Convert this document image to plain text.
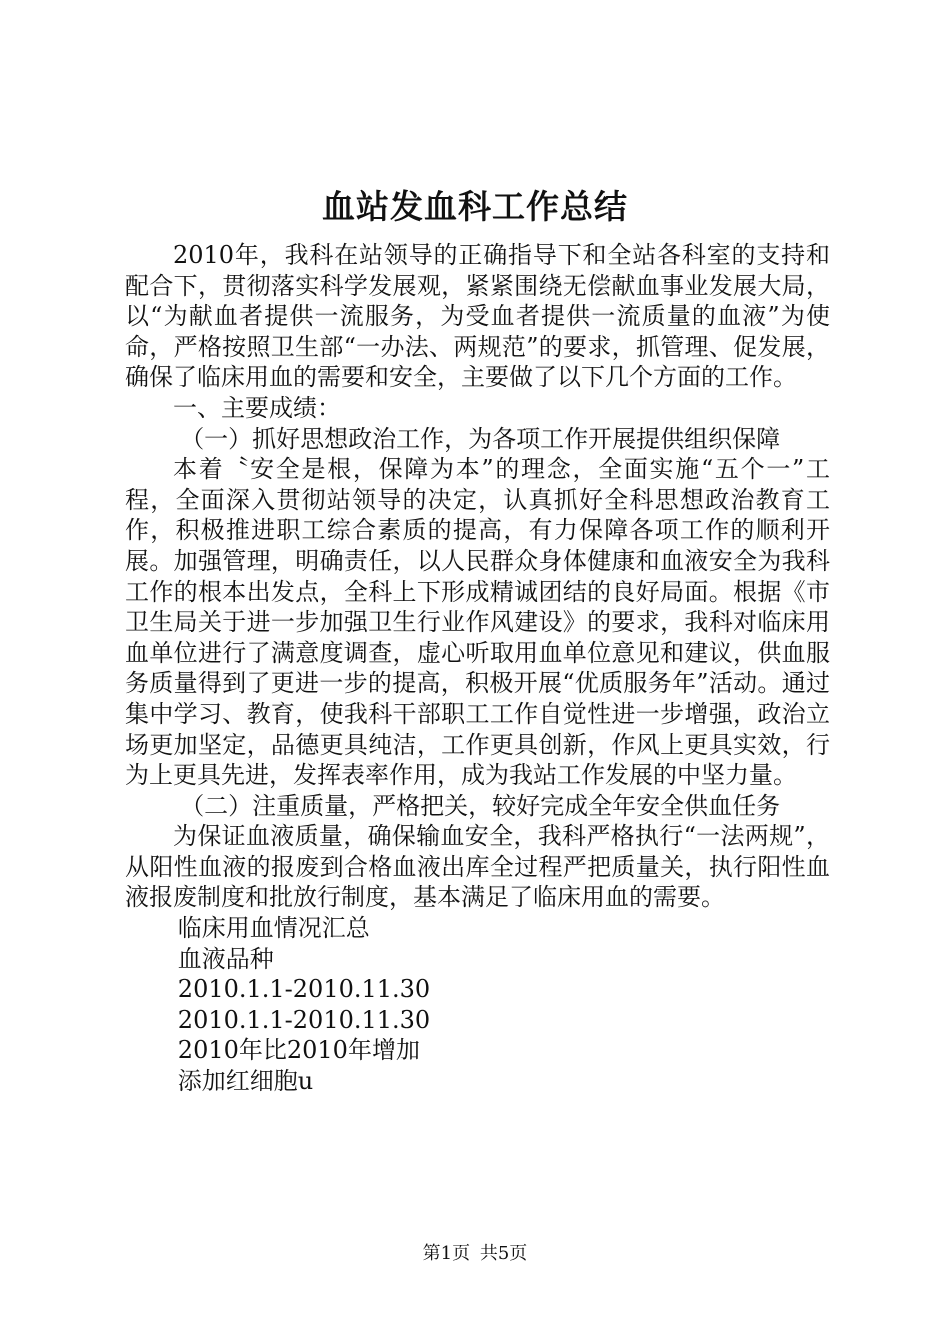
血站发血科工作总结

2010年，我科在站领导的正确指导下和全站各科室的支持和配合下，贯彻落实科学发展观，紧紧围绕无偿献血事业发展大局，以“为献血者提供一流服务，为受血者提供一流质量的血液”为使命，严格按照卫生部“一办法、两规范”的要求，抓管理、促发展，确保了临床用血的需要和安全，主要做了以下几个方面的工作。

一、主要成绩：

（一）抓好思想政治工作，为各项工作开展提供组织保障

本着〝安全是根，保障为本”的理念，全面实施“五个一”工程，全面深入贯彻站领导的决定，认真抓好全科思想政治教育工作，积极推进职工综合素质的提高，有力保障各项工作的顺利开展。加强管理，明确责任，以人民群众身体健康和血液安全为我科工作的根本出发点，全科上下形成精诚团结的良好局面。根据《市卫生局关于进一步加强卫生行业作风建设》的要求，我科对临床用血单位进行了满意度调查，虚心听取用血单位意见和建议，供血服务质量得到了更进一步的提高，积极开展“优质服务年”活动。通过集中学习、教育，使我科干部职工工作自觉性进一步增强，政治立场更加坚定，品德更具纯洁，工作更具创新，作风上更具实效，行为上更具先进，发挥表率作用，成为我站工作发展的中坚力量。

（二）注重质量，严格把关，较好完成全年安全供血任务

为保证血液质量，确保输血安全，我科严格执行“一法两规”，从阳性血液的报废到合格血液出库全过程严把质量关，执行阳性血液报废制度和批放行制度，基本满足了临床用血的需要。

临床用血情况汇总

血液品种

2010.1.1-2010.11.30

2010.1.1-2010.11.30

2010年比2010年增加

添加红细胞u

第1页 共5页
